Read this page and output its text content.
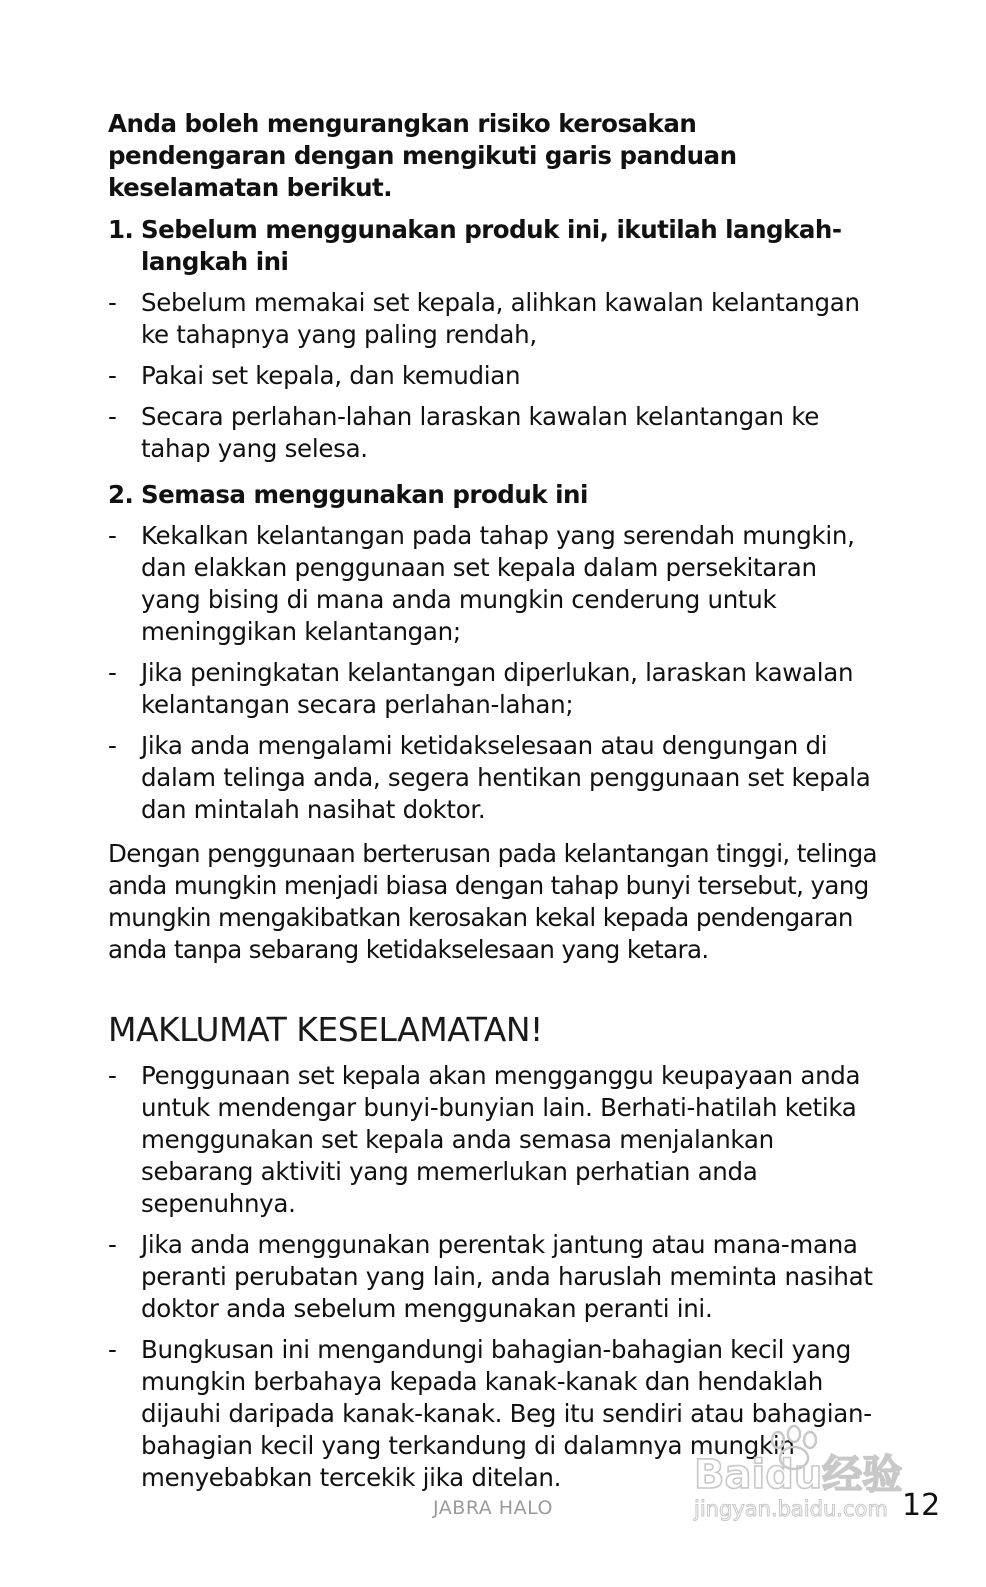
Anda boleh mengurangkan risiko kerosakan pendengaran dengan mengikuti garis panduan keselamatan berikut.

1. Sebelum menggunakan produk ini, ikutilah langkah-langkah ini
- Sebelum memakai set kepala, alihkan kawalan kelantangan ke tahapnya yang paling rendah,
- Pakai set kepala, dan kemudian
- Secara perlahan-lahan laraskan kawalan kelantangan ke tahap yang selesa.
2. Semasa menggunakan produk ini
- Kekalkan kelantangan pada tahap yang serendah mungkin, dan elakkan penggunaan set kepala dalam persekitaran yang bising di mana anda mungkin cenderung untuk meninggikan kelantangan;
- Jika peningkatan kelantangan diperlukan, laraskan kawalan kelantangan secara perlahan-lahan;
- Jika anda mengalami ketidakselesaan atau dengungan di dalam telinga anda, segera hentikan penggunaan set kepala dan mintalah nasihat doktor.

Dengan penggunaan berterusan pada kelantangan tinggi, telinga anda mungkin menjadi biasa dengan tahap bunyi tersebut, yang mungkin mengakibatkan kerosakan kekal kepada pendengaran anda tanpa sebarang ketidakselesaan yang ketara.

MAKLUMAT KESELAMATAN!
- Penggunaan set kepala akan mengganggu keupayaan anda untuk mendengar bunyi-bunyian lain. Berhati-hatilah ketika menggunakan set kepala anda semasa menjalankan sebarang aktiviti yang memerlukan perhatian anda sepenuhnya.
- Jika anda menggunakan perentak jantung atau mana-mana peranti perubatan yang lain, anda haruslah meminta nasihat doktor anda sebelum menggunakan peranti ini.
- Bungkusan ini mengandungi bahagian-bahagian kecil yang mungkin berbahaya kepada kanak-kanak dan hendaklah dijauhi daripada kanak-kanak. Beg itu sendiri atau bahagian-bahagian kecil yang terkandung di dalamnya mungkin menyebabkan tercekik jika ditelan.	Baidu经验
jingyan.baidu.com
JABRA HALO	12
